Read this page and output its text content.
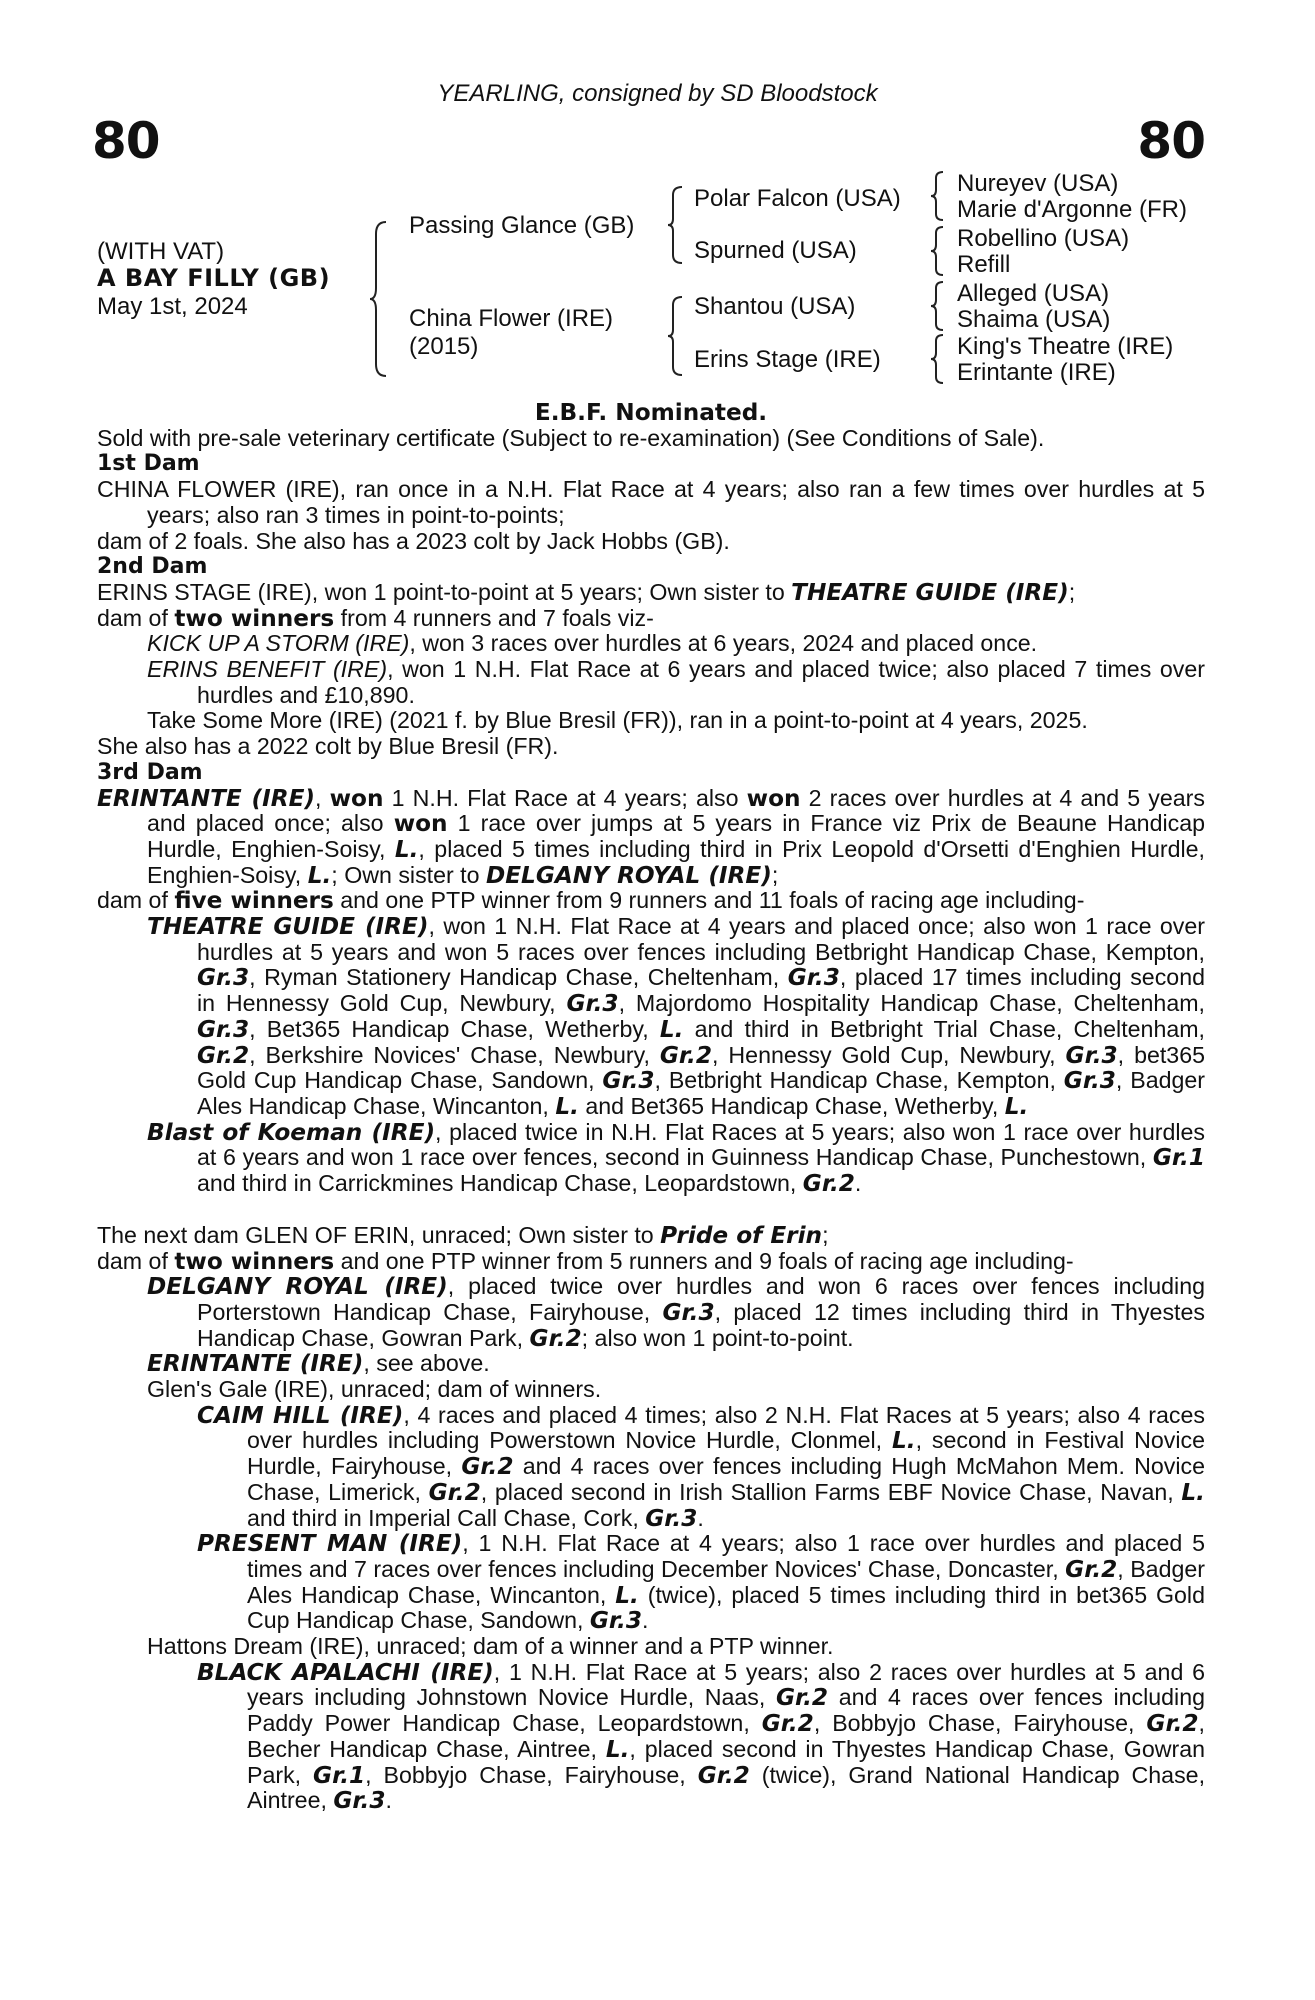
YEARLING, consigned by SD Bloodstock
80	80
(WITH VAT)
A BAY FILLY (GB)
May 1st, 2024
Passing Glance (GB)
China Flower (IRE)
(2015)
Polar Falcon (USA)
Spurned (USA)
Shantou (USA)
Erins Stage (IRE)
Nureyev (USA)
Marie d'Argonne (FR)
Robellino (USA)
Refill
Alleged (USA)
Shaima (USA)
King's Theatre (IRE)
Erintante (IRE)

E.B.F. Nominated.

Sold with pre-sale veterinary certificate (Subject to re-examination) (See Conditions of Sale).

1st Dam

CHINA FLOWER (IRE), ran once in a N.H. Flat Race at 4 years; also ran a few times over hurdles at 5 years; also ran 3 times in point-to-points;

dam of 2 foals. She also has a 2023 colt by Jack Hobbs (GB).

2nd Dam

ERINS STAGE (IRE), won 1 point-to-point at 5 years; Own sister to THEATRE GUIDE (IRE);

dam of two winners from 4 runners and 7 foals viz-

KICK UP A STORM (IRE), won 3 races over hurdles at 6 years, 2024 and placed once.

ERINS BENEFIT (IRE), won 1 N.H. Flat Race at 6 years and placed twice; also placed 7 times over hurdles and £10,890.

Take Some More (IRE) (2021 f. by Blue Bresil (FR)), ran in a point-to-point at 4 years, 2025.

She also has a 2022 colt by Blue Bresil (FR).

3rd Dam

ERINTANTE (IRE), won 1 N.H. Flat Race at 4 years; also won 2 races over hurdles at 4 and 5 years and placed once; also won 1 race over jumps at 5 years in France viz Prix de Beaune Handicap Hurdle, Enghien-Soisy, L., placed 5 times including third in Prix Leopold d'Orsetti d'Enghien Hurdle, Enghien-Soisy, L.; Own sister to DELGANY ROYAL (IRE);

dam of five winners and one PTP winner from 9 runners and 11 foals of racing age including-

THEATRE GUIDE (IRE), won 1 N.H. Flat Race at 4 years and placed once; also won 1 race over hurdles at 5 years and won 5 races over fences including Betbright Handicap Chase, Kempton, Gr.3, Ryman Stationery Handicap Chase, Cheltenham, Gr.3, placed 17 times including second in Hennessy Gold Cup, Newbury, Gr.3, Majordomo Hospitality Handicap Chase, Cheltenham, Gr.3, Bet365 Handicap Chase, Wetherby, L. and third in Betbright Trial Chase, Cheltenham, Gr.2, Berkshire Novices' Chase, Newbury, Gr.2, Hennessy Gold Cup, Newbury, Gr.3, bet365 Gold Cup Handicap Chase, Sandown, Gr.3, Betbright Handicap Chase, Kempton, Gr.3, Badger Ales Handicap Chase, Wincanton, L. and Bet365 Handicap Chase, Wetherby, L.

Blast of Koeman (IRE), placed twice in N.H. Flat Races at 5 years; also won 1 race over hurdles at 6 years and won 1 race over fences, second in Guinness Handicap Chase, Punchestown, Gr.1 and third in Carrickmines Handicap Chase, Leopardstown, Gr.2.

The next dam GLEN OF ERIN, unraced; Own sister to Pride of Erin;

dam of two winners and one PTP winner from 5 runners and 9 foals of racing age including-

DELGANY ROYAL (IRE), placed twice over hurdles and won 6 races over fences including Porterstown Handicap Chase, Fairyhouse, Gr.3, placed 12 times including third in Thyestes Handicap Chase, Gowran Park, Gr.2; also won 1 point-to-point.

ERINTANTE (IRE), see above.

Glen's Gale (IRE), unraced; dam of winners.

CAIM HILL (IRE), 4 races and placed 4 times; also 2 N.H. Flat Races at 5 years; also 4 races over hurdles including Powerstown Novice Hurdle, Clonmel, L., second in Festival Novice Hurdle, Fairyhouse, Gr.2 and 4 races over fences including Hugh McMahon Mem. Novice Chase, Limerick, Gr.2, placed second in Irish Stallion Farms EBF Novice Chase, Navan, L. and third in Imperial Call Chase, Cork, Gr.3.

PRESENT MAN (IRE), 1 N.H. Flat Race at 4 years; also 1 race over hurdles and placed 5 times and 7 races over fences including December Novices' Chase, Doncaster, Gr.2, Badger Ales Handicap Chase, Wincanton, L. (twice), placed 5 times including third in bet365 Gold Cup Handicap Chase, Sandown, Gr.3.

Hattons Dream (IRE), unraced; dam of a winner and a PTP winner.

BLACK APALACHI (IRE), 1 N.H. Flat Race at 5 years; also 2 races over hurdles at 5 and 6 years including Johnstown Novice Hurdle, Naas, Gr.2 and 4 races over fences including Paddy Power Handicap Chase, Leopardstown, Gr.2, Bobbyjo Chase, Fairyhouse, Gr.2, Becher Handicap Chase, Aintree, L., placed second in Thyestes Handicap Chase, Gowran Park, Gr.1, Bobbyjo Chase, Fairyhouse, Gr.2 (twice), Grand National Handicap Chase, Aintree, Gr.3.
